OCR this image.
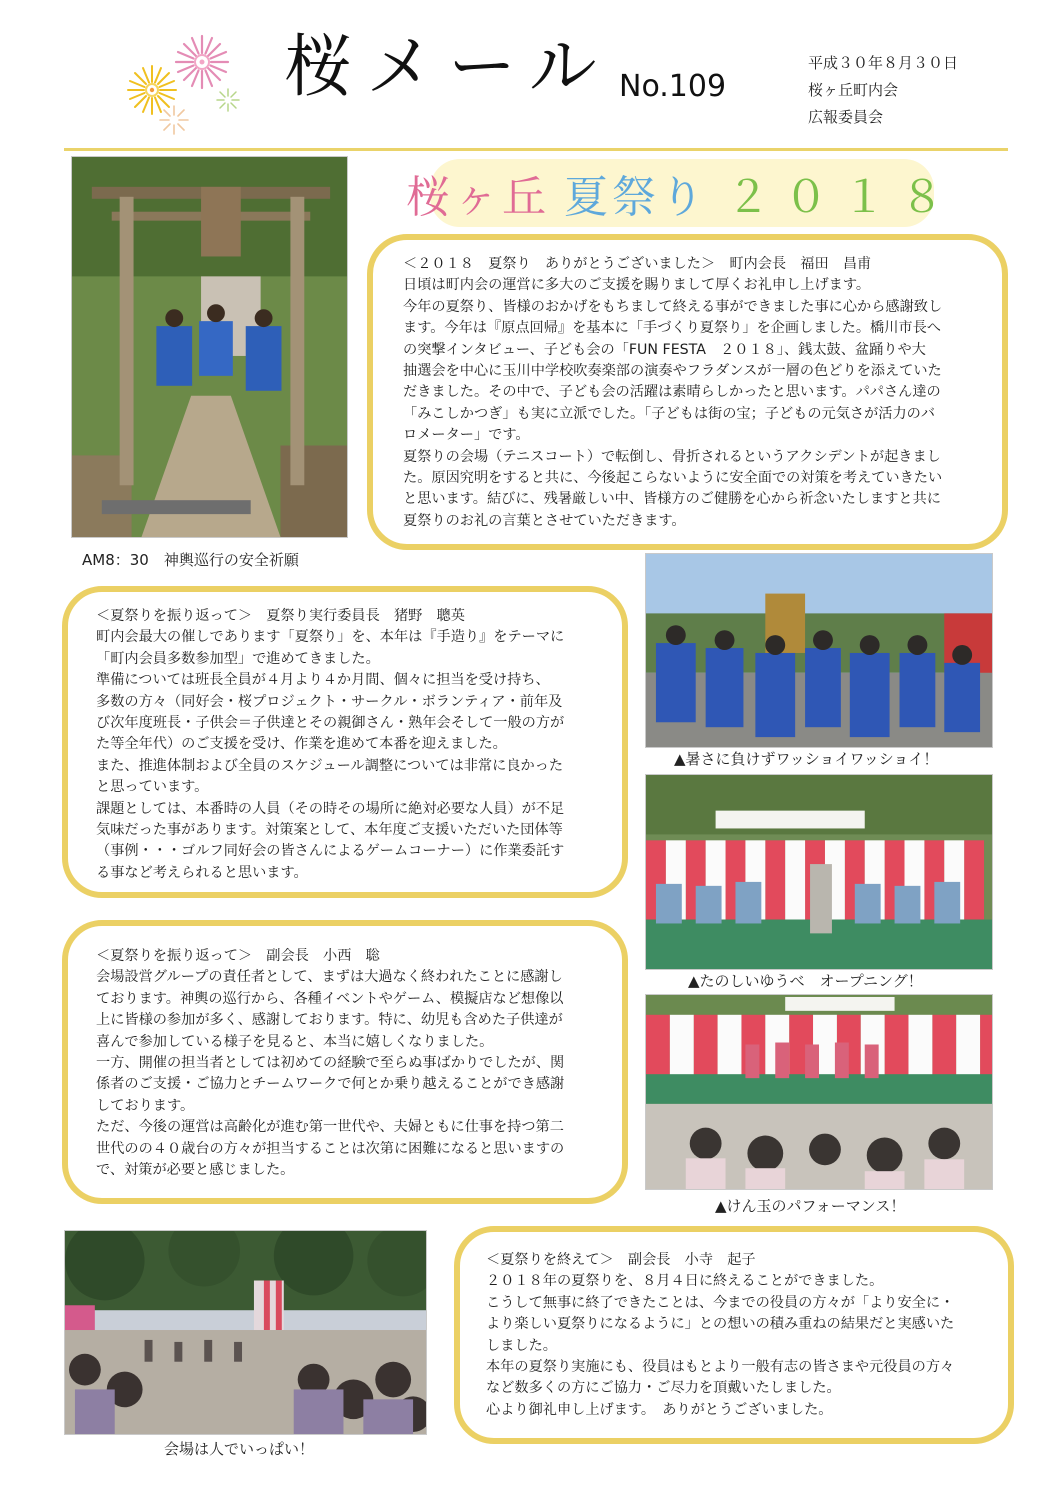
桜メール No.109
平成３０年８月３０日
桜ヶ丘町内会
広報委員会
AM8：30　神輿巡行の安全祈願
桜ヶ丘 夏祭り ２０１８

＜２０１８　夏祭り　ありがとうございました＞　町内会長　福田　昌甫

日頃は町内会の運営に多大のご支援を賜りまして厚くお礼申し上げます。

今年の夏祭り、皆様のおかげをもちまして終える事ができました事に心から感謝致し

ます。今年は『原点回帰』を基本に「手づくり夏祭り」を企画しました。橋川市長へ

の突撃インタビュー、子ども会の「FUN FESTA　２０１８」、銭太鼓、盆踊りや大

抽選会を中心に玉川中学校吹奏楽部の演奏やフラダンスが一層の色どりを添えていた

だきました。その中で、子ども会の活躍は素晴らしかったと思います。パパさん達の

「みこしかつぎ」も実に立派でした。「子どもは街の宝；子どもの元気さが活力のバ

ロメーター」です。

夏祭りの会場（テニスコート）で転倒し、骨折されるというアクシデントが起きまし

た。原因究明をすると共に、今後起こらないように安全面での対策を考えていきたい

と思います。結びに、残暑厳しい中、皆様方のご健勝を心から祈念いたしますと共に

夏祭りのお礼の言葉とさせていただきます。

＜夏祭りを振り返って＞　夏祭り実行委員長　猪野　聰英

町内会最大の催しであります「夏祭り」を、本年は『手造り』をテーマに

「町内会員多数参加型」で進めてきました。

準備については班長全員が４月より４か月間、個々に担当を受け持ち、

多数の方々（同好会・桜プロジェクト・サークル・ボランティア・前年及

び次年度班長・子供会＝子供達とその親御さん・熟年会そして一般の方が

た等全年代）のご支援を受け、作業を進めて本番を迎えました。

また、推進体制および全員のスケジュール調整については非常に良かった

と思っています。

課題としては、本番時の人員（その時その場所に絶対必要な人員）が不足

気味だった事があります。対策案として、本年度ご支援いただいた団体等

（事例・・・ゴルフ同好会の皆さんによるゲームコーナー）に作業委託す

る事など考えられると思います。

＜夏祭りを振り返って＞　副会長　小西　聡

会場設営グループの責任者として、まずは大過なく終われたことに感謝し

ております。神輿の巡行から、各種イベントやゲーム、模擬店など想像以

上に皆様の参加が多く、感謝しております。特に、幼児も含めた子供達が

喜んで参加している様子を見ると、本当に嬉しくなりました。

一方、開催の担当者としては初めての経験で至らぬ事ばかりでしたが、関

係者のご支援・ご協力とチームワークで何とか乗り越えることができ感謝

しております。

ただ、今後の運営は高齢化が進む第一世代や、夫婦ともに仕事を持つ第二

世代のの４０歳台の方々が担当することは次第に困難になると思いますの

で、対策が必要と感じました。

▲暑さに負けずワッショイワッショイ！
▲たのしいゆうべ　オープニング！
▲けん玉のパフォーマンス！
会場は人でいっぱい！

＜夏祭りを終えて＞　副会長　小寺　起子

２０１８年の夏祭りを、８月４日に終えることができました。

こうして無事に終了できたことは、今までの役員の方々が「より安全に・

より楽しい夏祭りになるように」との想いの積み重ねの結果だと実感いた

しました。

本年の夏祭り実施にも、役員はもとより一般有志の皆さまや元役員の方々

など数多くの方にご協力・ご尽力を頂戴いたしました。

心より御礼申し上げます。　ありがとうございました。
